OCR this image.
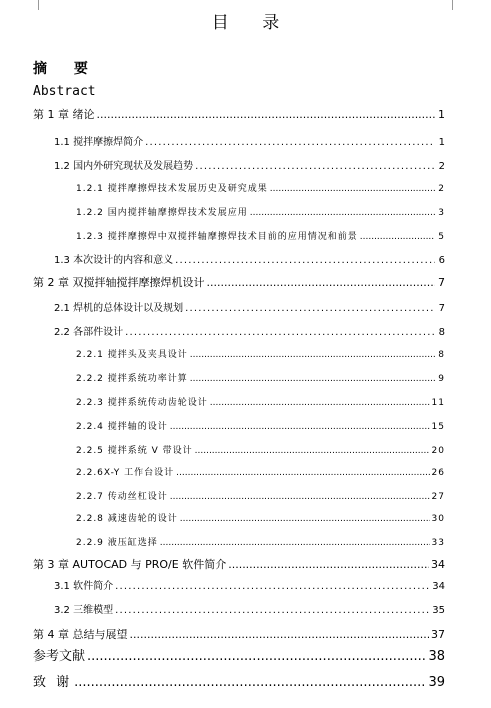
目 录
摘 要
Abstract
第 1 章 绪论 .....	1
1.1 搅拌摩擦焊简介 .....	1
1.2 国内外研究现状及发展趋势 .....	2
1.2.1 搅拌摩擦焊技术发展历史及研究成果 .....	2
1.2.2 国内搅拌轴摩擦焊技术发展应用 .....	3
1.2.3 搅拌摩擦焊中双搅拌轴摩擦焊技术目前的应用情况和前景 .....	5
1.3 本次设计的内容和意义 .....	6
第 2 章 双搅拌轴搅拌摩擦焊机设计 .....	7
2.1 焊机的总体设计以及规划 .....	7
2.2 各部件设计 .....	8
2.2.1 搅拌头及夹具设计 .....	8
2.2.2 搅拌系统功率计算 .....	9
2.2.3 搅拌系统传动齿轮设计 .....	11
2.2.4 搅拌轴的设计 .....	15
2.2.5 搅拌系统 V 带设计 .....	20
2.2.6X-Y 工作台设计 .....	26
2.2.7 传动丝杠设计 .....	27
2.2.8 减速齿轮的设计 .....	30
2.2.9 液压缸选择 .....	33
第 3 章 AUTOCAD 与 PRO/E 软件简介 .....	34
3.1 软件简介 .....	34
3.2 三维模型 .....	35
第 4 章 总结与展望 .....	37
参考文献 .....	38
致 谢 .....	39
